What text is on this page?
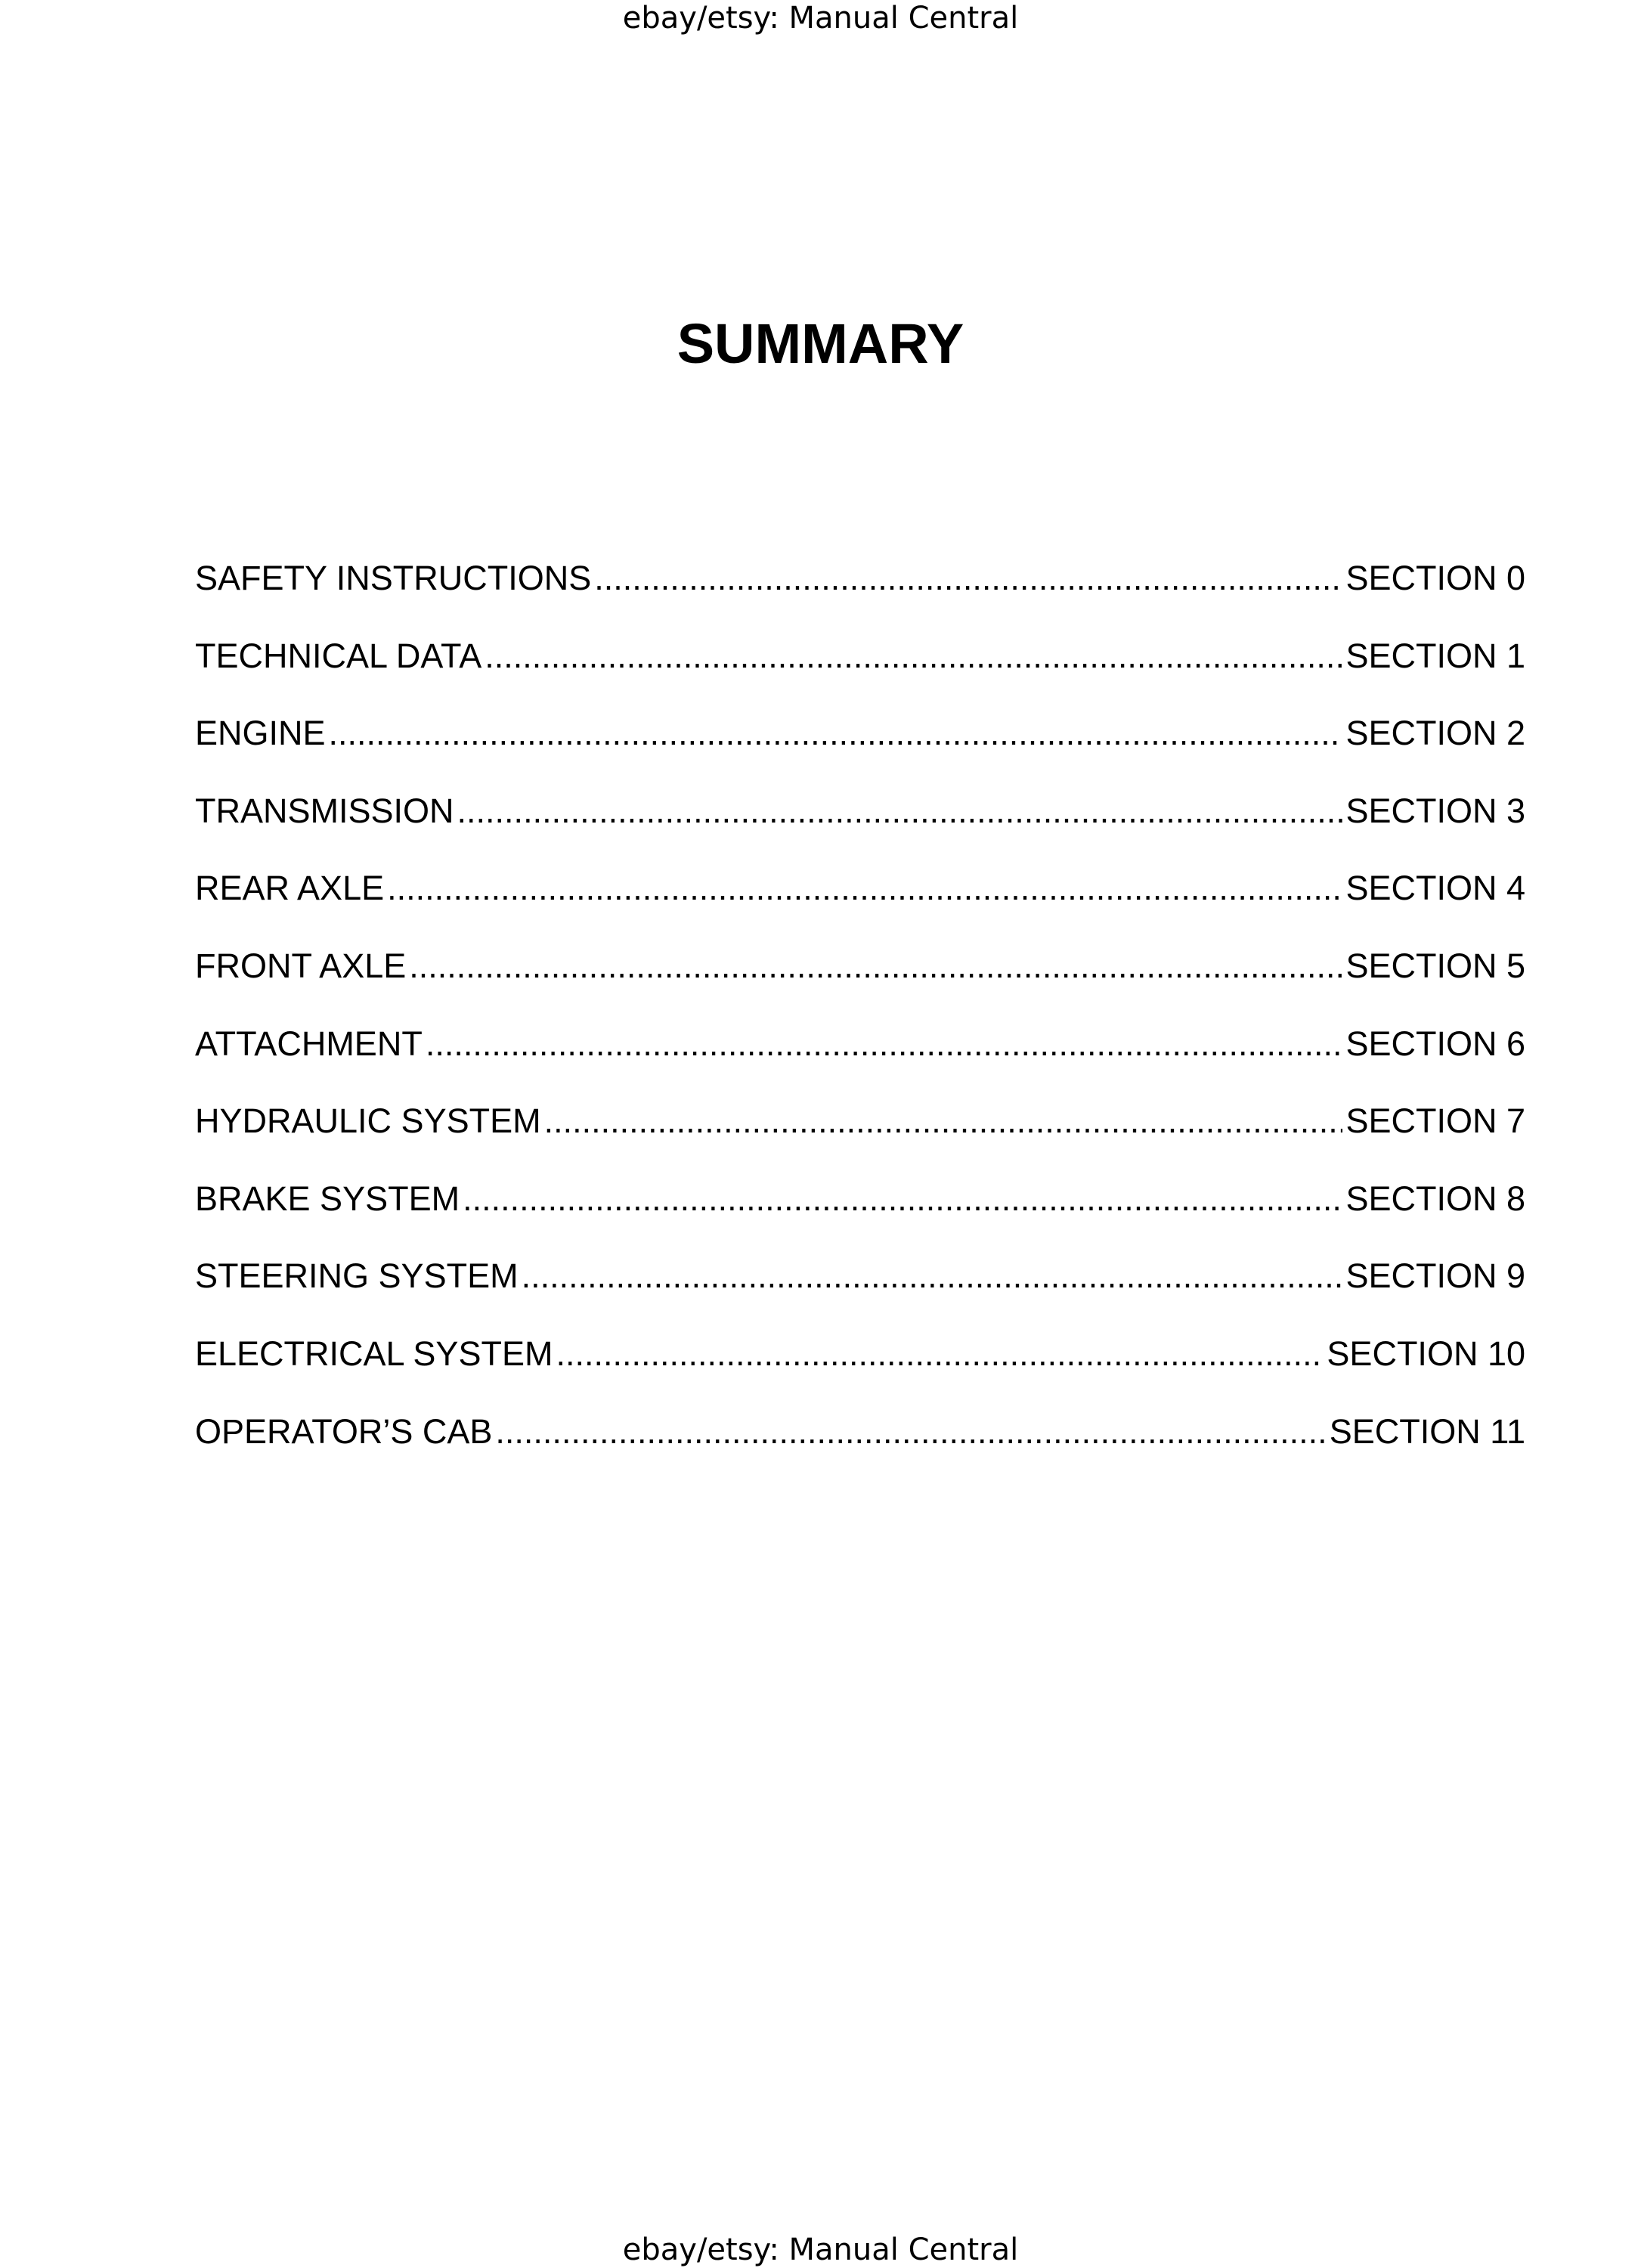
ebay/etsy: Manual Central
SUMMARY
SAFETY INSTRUCTIONS .....	SECTION 0
TECHNICAL DATA .....	SECTION 1
ENGINE .....	SECTION 2
TRANSMISSION .....	SECTION 3
REAR AXLE .....	SECTION 4
FRONT AXLE .....	SECTION 5
ATTACHMENT .....	SECTION 6
HYDRAULIC SYSTEM .....	SECTION 7
BRAKE SYSTEM .....	SECTION 8
STEERING SYSTEM .....	SECTION 9
ELECTRICAL SYSTEM .....	SECTION 10
OPERATOR’S CAB .....	SECTION 11
ebay/etsy: Manual Central
